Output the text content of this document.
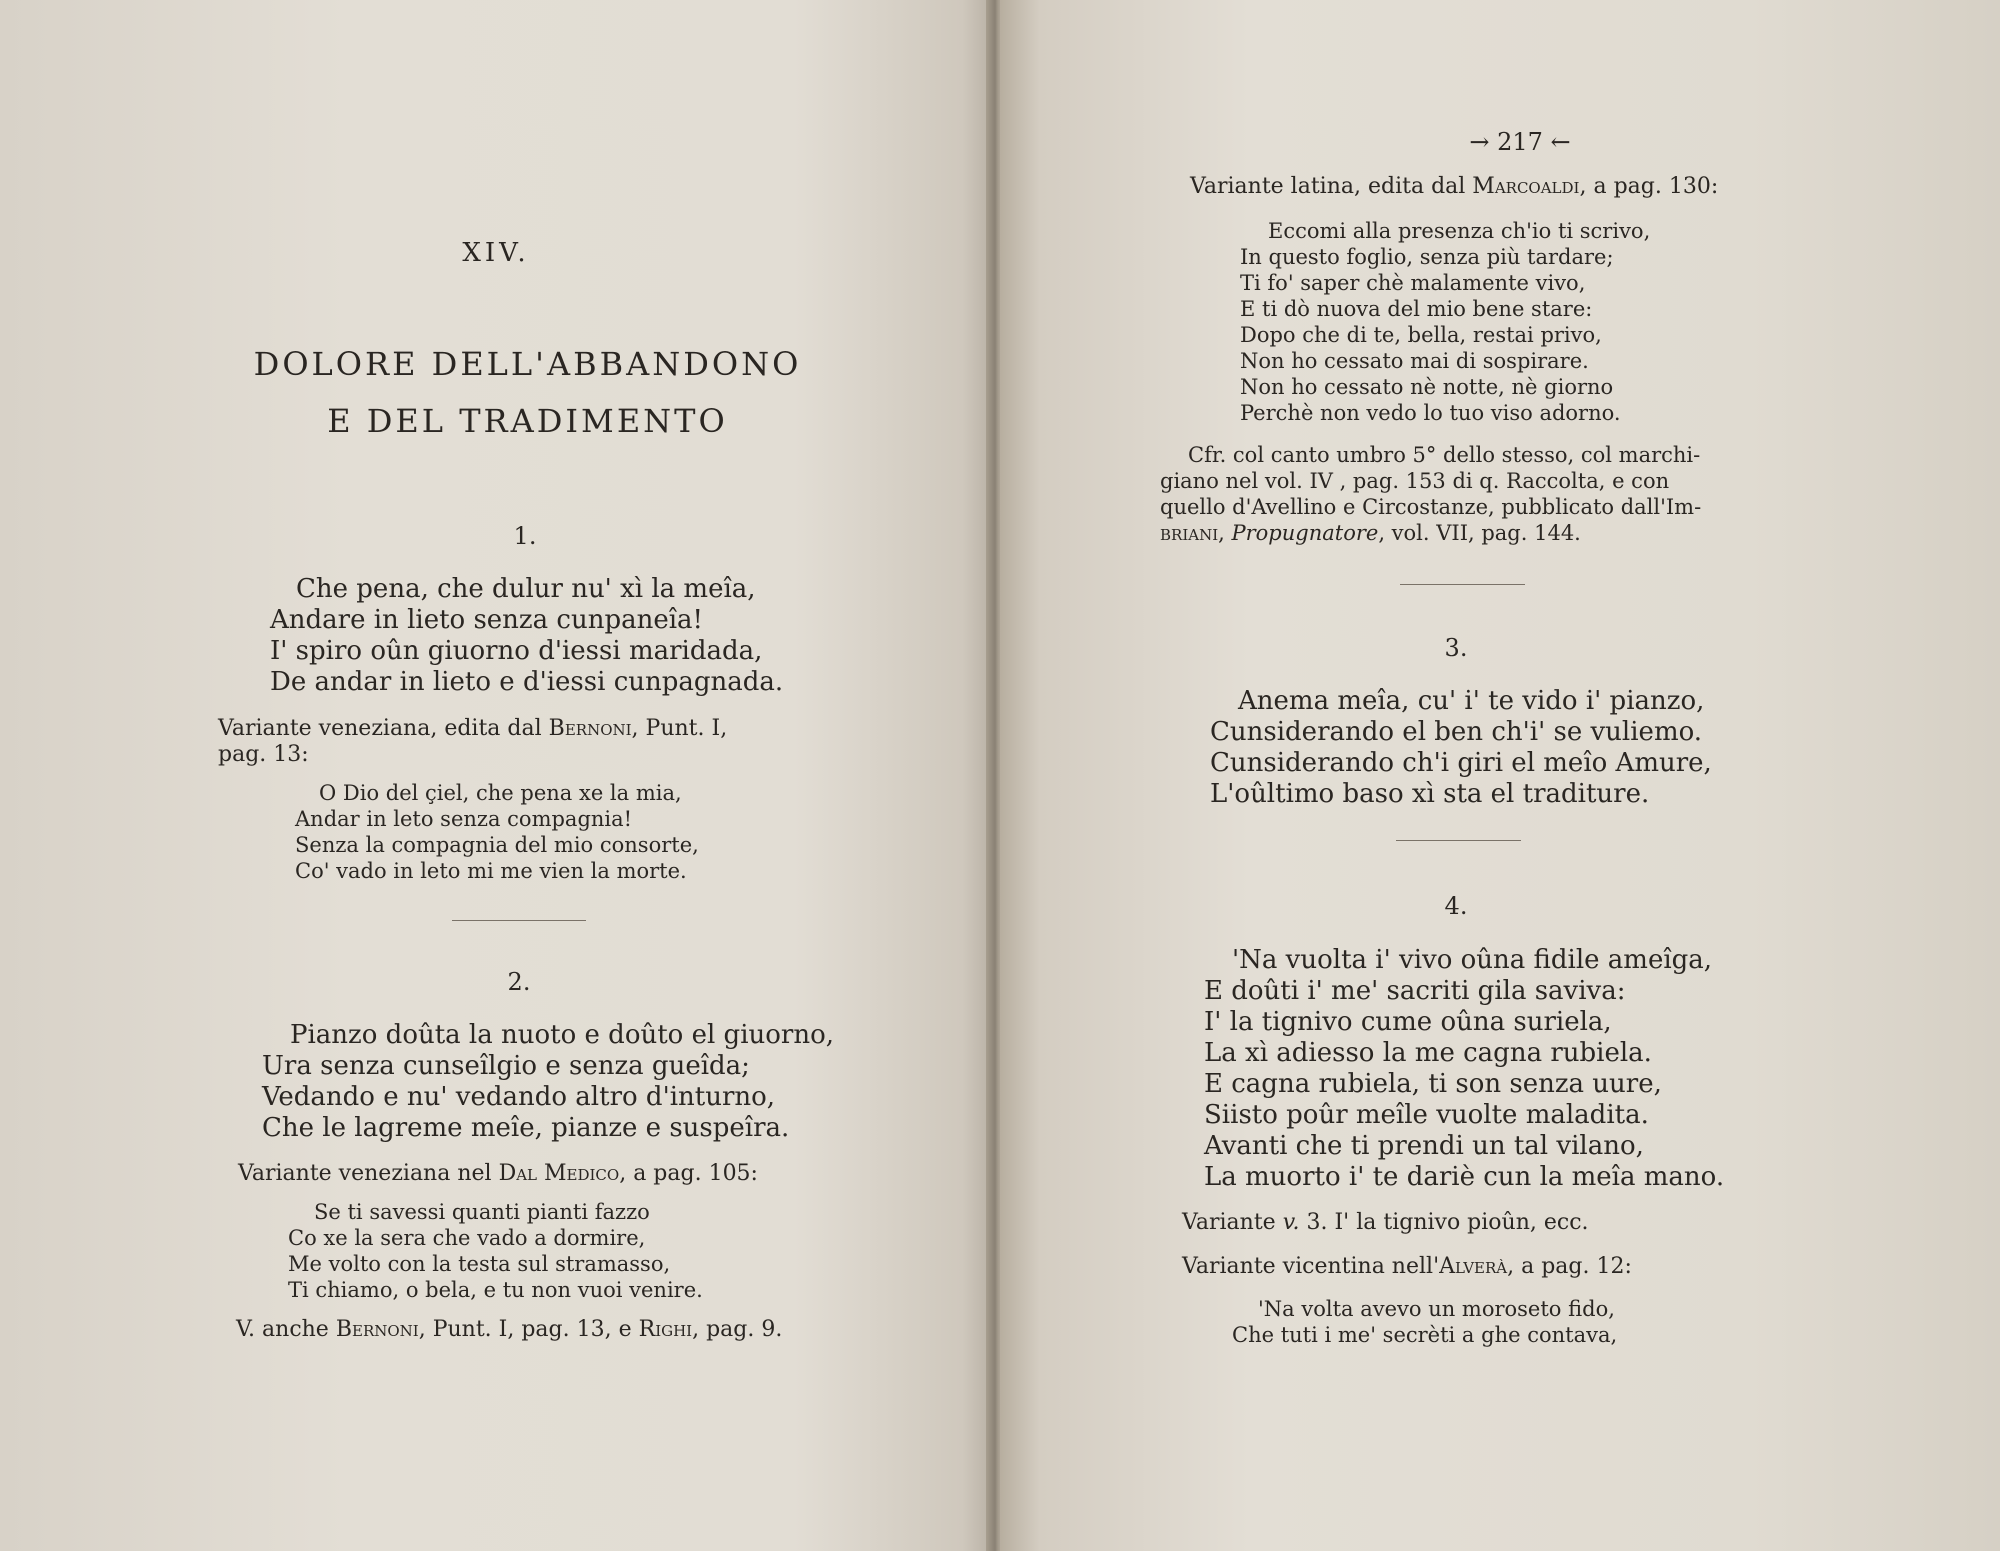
XIV.
DOLORE DELL'ABBANDONO
E DEL TRADIMENTO
1.
Che pena, che dulur nu' xì la meîa,
Andare in lieto senza cunpaneîa!
I' spiro oûn giuorno d'iessi maridada,
De andar in lieto e d'iessi cunpagnada.
Variante veneziana, edita dal Bernoni, Punt. I,
pag. 13:
O Dio del çiel, che pena xe la mia,
Andar in leto senza compagnia!
Senza la compagnia del mio consorte,
Co' vado in leto mi me vien la morte.
2.
Pianzo doûta la nuoto e doûto el giuorno,
Ura senza cunseîlgio e senza gueîda;
Vedando e nu' vedando altro d'inturno,
Che le lagreme meîe, pianze e suspeîra.
Variante veneziana nel Dal Medico, a pag. 105:
Se ti savessi quanti pianti fazzo
Co xe la sera che vado a dormire,
Me volto con la testa sul stramasso,
Ti chiamo, o bela, e tu non vuoi venire.
V. anche Bernoni, Punt. I, pag. 13, e Righi, pag. 9.
→ 217 ←
Variante latina, edita dal Marcoaldi, a pag. 130:
Eccomi alla presenza ch'io ti scrivo,
In questo foglio, senza più tardare;
Ti fo' saper chè malamente vivo,
E ti dò nuova del mio bene stare:
Dopo che di te, bella, restai privo,
Non ho cessato mai di sospirare.
Non ho cessato nè notte, nè giorno
Perchè non vedo lo tuo viso adorno.
Cfr. col canto umbro 5° dello stesso, col marchi-
giano nel vol. IV , pag. 153 di q. Raccolta, e con
quello d'Avellino e Circostanze, pubblicato dall'Im-
briani, Propugnatore, vol. VII, pag. 144.
3.
Anema meîa, cu' i' te vido i' pianzo,
Cunsiderando el ben ch'i' se vuliemo.
Cunsiderando ch'i giri el meîo Amure,
L'oûltimo baso xì sta el traditure.
4.
'Na vuolta i' vivo oûna fidile ameîga,
E doûti i' me' sacriti gila saviva:
I' la tignivo cume oûna suriela,
La xì adiesso la me cagna rubiela.
E cagna rubiela, ti son senza uure,
Siisto poûr meîle vuolte maladita.
Avanti che ti prendi un tal vilano,
La muorto i' te dariè cun la meîa mano.
Variante v. 3. I' la tignivo pioûn, ecc.
Variante vicentina nell'Alverà, a pag. 12:
'Na volta avevo un moroseto fido,
Che tuti i me' secrèti a ghe contava,
